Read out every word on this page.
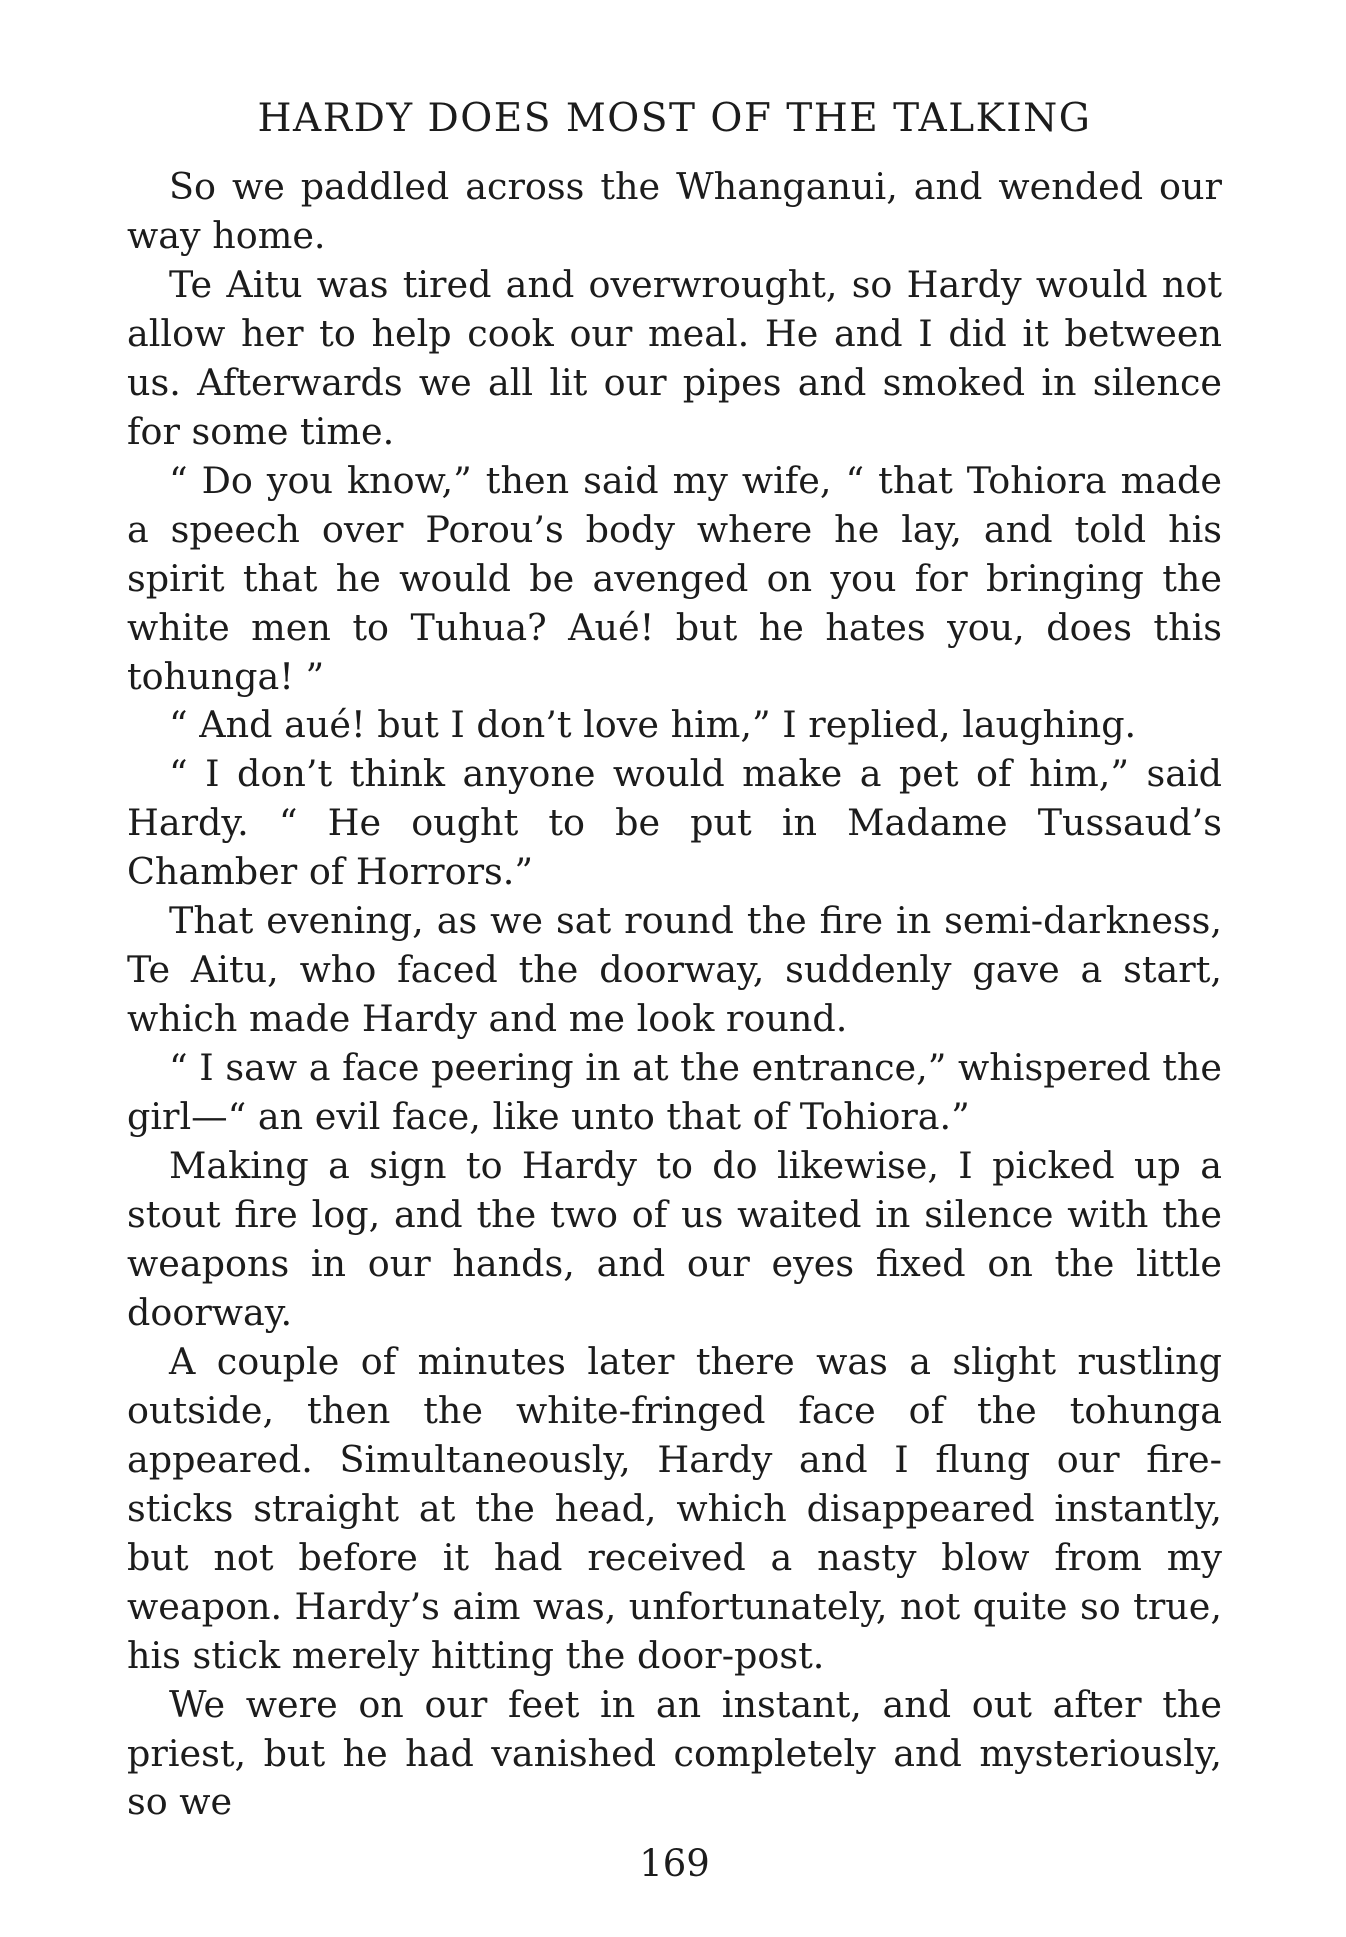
HARDY DOES MOST OF THE TALKING

So we paddled across the Whanganui, and wended our way home.

Te Aitu was tired and overwrought, so Hardy would not allow her to help cook our meal. He and I did it between us. Afterwards we all lit our pipes and smoked in silence for some time.

“ Do you know,” then said my wife, “ that Tohiora made a speech over Porou’s body where he lay, and told his spirit that he would be avenged on you for bringing the white men to Tuhua? Aué! but he hates you, does this tohunga! ”

“ And aué! but I don’t love him,” I replied, laughing.

“ I don’t think anyone would make a pet of him,” said Hardy. “ He ought to be put in Madame Tussaud’s Chamber of Horrors.”

That evening, as we sat round the fire in semi-darkness, Te Aitu, who faced the doorway, suddenly gave a start, which made Hardy and me look round.

“ I saw a face peering in at the entrance,” whispered the girl—“ an evil face, like unto that of Tohiora.”

Making a sign to Hardy to do likewise, I picked up a stout fire log, and the two of us waited in silence with the weapons in our hands, and our eyes fixed on the little doorway.

A couple of minutes later there was a slight rustling outside, then the white-fringed face of the tohunga appeared. Simultaneously, Hardy and I flung our fire-sticks straight at the head, which disappeared instantly, but not before it had received a nasty blow from my weapon. Hardy’s aim was, unfortunately, not quite so true, his stick merely hitting the door-post.

We were on our feet in an instant, and out after the priest, but he had vanished completely and mysteriously, so we

169
